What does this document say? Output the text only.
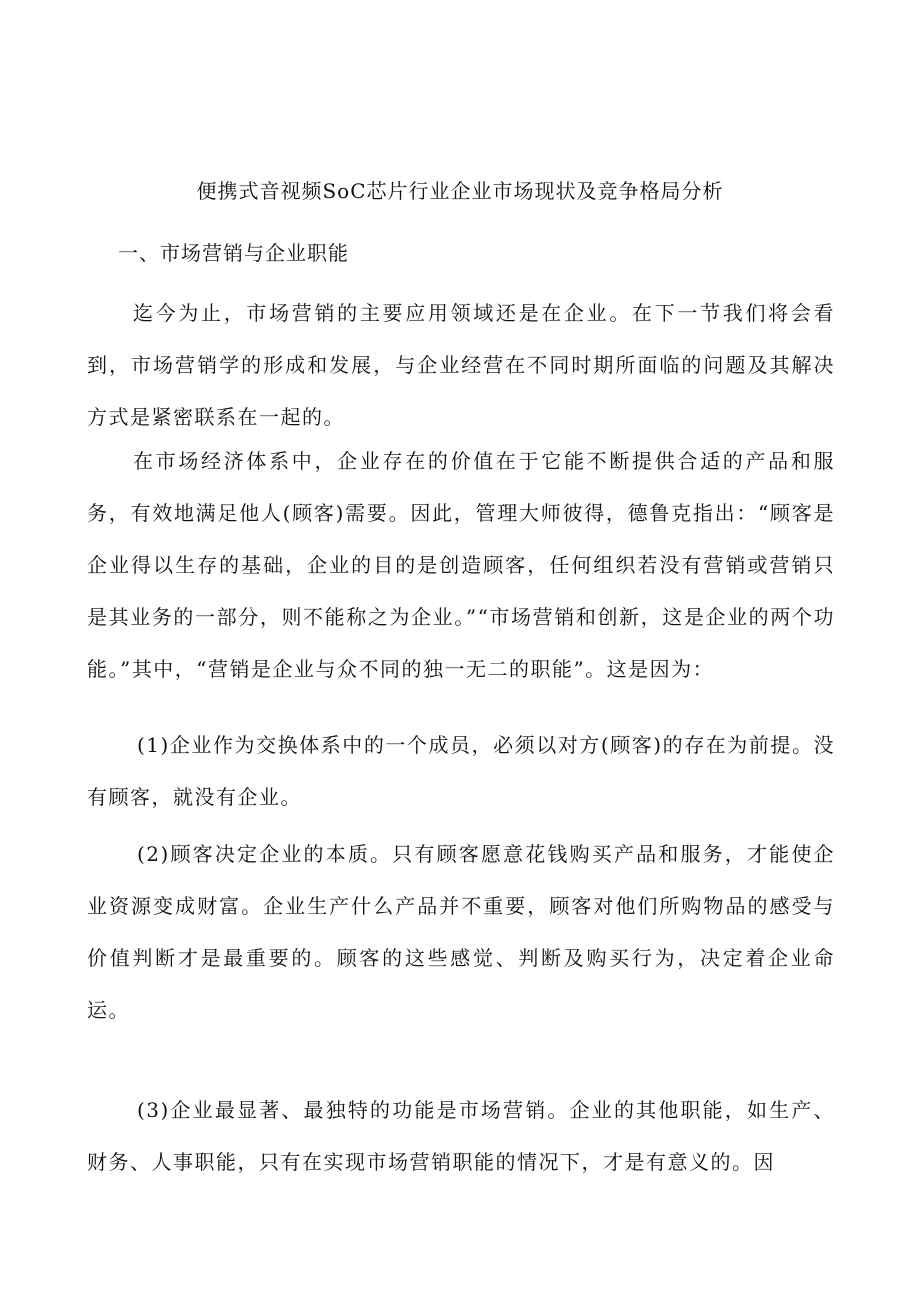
便携式音视频SoC芯片行业企业市场现状及竞争格局分析
一、市场营销与企业职能

迄今为止，市场营销的主要应用领域还是在企业。在下一节我们将会看到，市场营销学的形成和发展，与企业经营在不同时期所面临的问题及其解决方式是紧密联系在一起的。

在市场经济体系中，企业存在的价值在于它能不断提供合适的产品和服务，有效地满足他人(顾客)需要。因此，管理大师彼得，德鲁克指出：“顾客是企业得以生存的基础，企业的目的是创造顾客，任何组织若没有营销或营销只是其业务的一部分，则不能称之为企业。”“市场营销和创新，这是企业的两个功能。”其中，“营销是企业与众不同的独一无二的职能”。这是因为：

(1)企业作为交换体系中的一个成员，必须以对方(顾客)的存在为前提。没有顾客，就没有企业。

(2)顾客决定企业的本质。只有顾客愿意花钱购买产品和服务，才能使企业资源变成财富。企业生产什么产品并不重要，顾客对他们所购物品的感受与价值判断才是最重要的。顾客的这些感觉、判断及购买行为，决定着企业命运。

(3)企业最显著、最独特的功能是市场营销。企业的其他职能，如生产、财务、人事职能，只有在实现市场营销职能的情况下，才是有意义的。因
